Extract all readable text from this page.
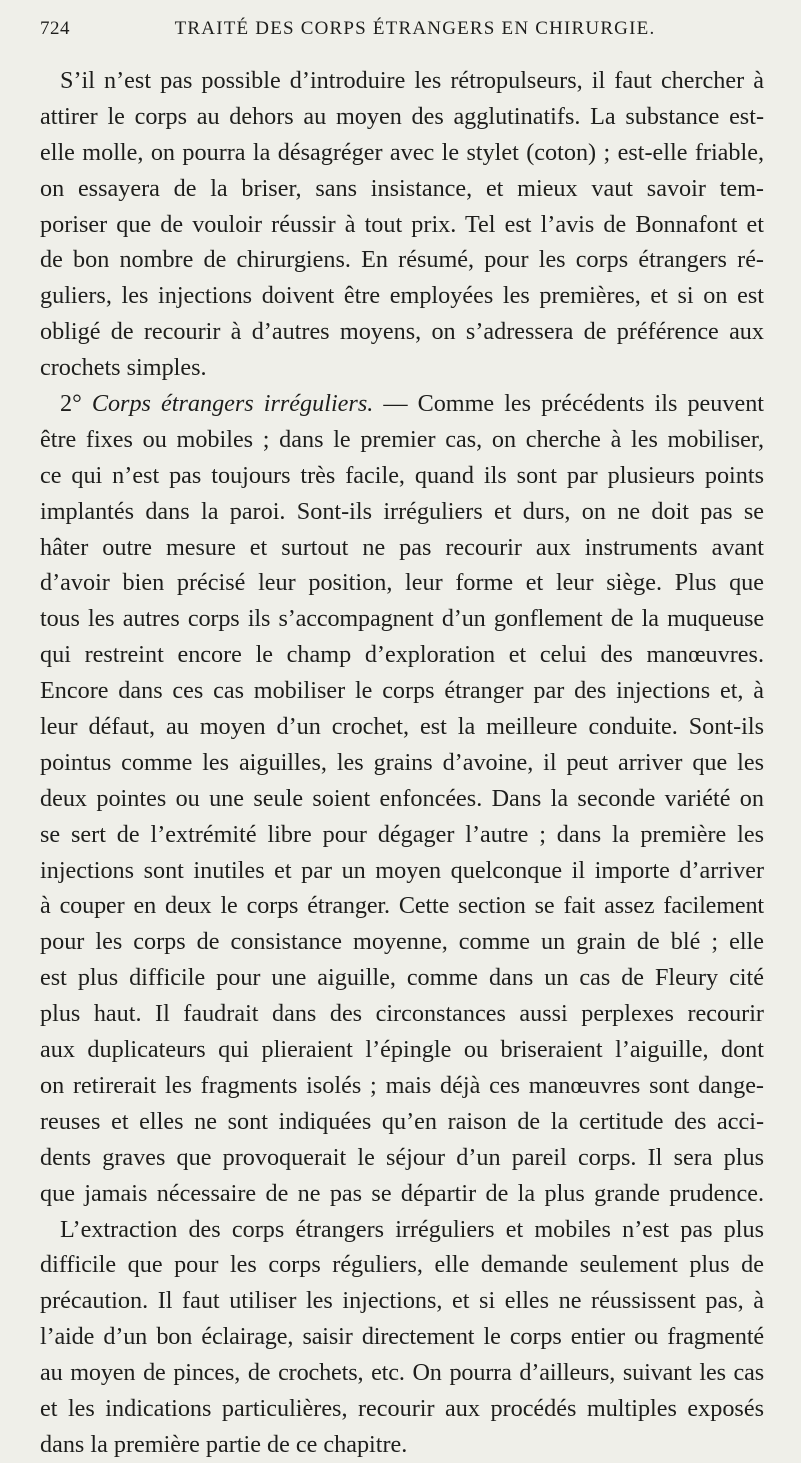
724	TRAITÉ DES CORPS ÉTRANGERS EN CHIRURGIE.
S’il n’est pas possible d’introduire les rétropulseurs, il faut chercher à
attirer le corps au dehors au moyen des agglutinatifs. La substance est-
elle molle, on pourra la désagréger avec le stylet (coton) ; est-elle friable,
on essayera de la briser, sans insistance, et mieux vaut savoir tem-
poriser que de vouloir réussir à tout prix. Tel est l’avis de Bonnafont et
de bon nombre de chirurgiens. En résumé, pour les corps étrangers ré-
guliers, les injections doivent être employées les premières, et si on est
obligé de recourir à d’autres moyens, on s’adressera de préférence aux
crochets simples.
2° Corps étrangers irréguliers. — Comme les précédents ils peuvent
être fixes ou mobiles ; dans le premier cas, on cherche à les mobiliser,
ce qui n’est pas toujours très facile, quand ils sont par plusieurs points
implantés dans la paroi. Sont-ils irréguliers et durs, on ne doit pas se
hâter outre mesure et surtout ne pas recourir aux instruments avant
d’avoir bien précisé leur position, leur forme et leur siège. Plus que
tous les autres corps ils s’accompagnent d’un gonflement de la muqueuse
qui restreint encore le champ d’exploration et celui des manœuvres.
Encore dans ces cas mobiliser le corps étranger par des injections et, à
leur défaut, au moyen d’un crochet, est la meilleure conduite. Sont-ils
pointus comme les aiguilles, les grains d’avoine, il peut arriver que les
deux pointes ou une seule soient enfoncées. Dans la seconde variété on
se sert de l’extrémité libre pour dégager l’autre ; dans la première les
injections sont inutiles et par un moyen quelconque il importe d’arriver
à couper en deux le corps étranger. Cette section se fait assez facilement
pour les corps de consistance moyenne, comme un grain de blé ; elle
est plus difficile pour une aiguille, comme dans un cas de Fleury cité
plus haut. Il faudrait dans des circonstances aussi perplexes recourir
aux duplicateurs qui plieraient l’épingle ou briseraient l’aiguille, dont
on retirerait les fragments isolés ; mais déjà ces manœuvres sont dange-
reuses et elles ne sont indiquées qu’en raison de la certitude des acci-
dents graves que provoquerait le séjour d’un pareil corps. Il sera plus
que jamais nécessaire de ne pas se départir de la plus grande prudence.
L’extraction des corps étrangers irréguliers et mobiles n’est pas plus
difficile que pour les corps réguliers, elle demande seulement plus de
précaution. Il faut utiliser les injections, et si elles ne réussissent pas, à
l’aide d’un bon éclairage, saisir directement le corps entier ou fragmenté
au moyen de pinces, de crochets, etc. On pourra d’ailleurs, suivant les cas
et les indications particulières, recourir aux procédés multiples exposés
dans la première partie de ce chapitre.
